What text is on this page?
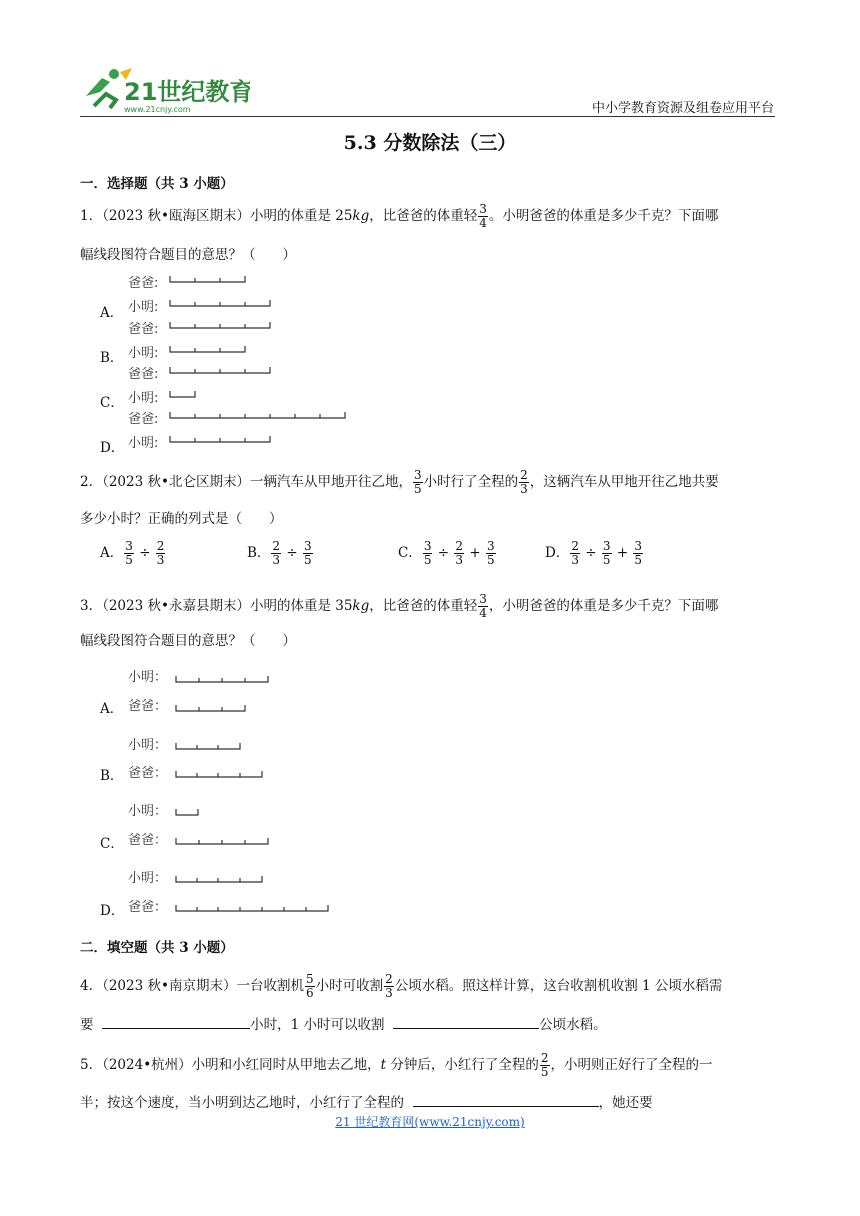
21世纪教育
www.21cnjy.com	中小学教育资源及组卷应用平台
5.3 分数除法（三）
一．选择题（共 3 小题）
1．（2023 秋•瓯海区期末）小明的体重是 25kg，比爸爸的体重轻 $\frac{3}{4}$ 。小明爸爸的体重是多少千克？下面哪
幅线段图符合题目的意思？（　　）
A．
B．
C．
D．
爸爸:
小明:
爸爸:
小明:
爸爸:
小明:
爸爸:
小明:
2．（2023 秋•北仑区期末）一辆汽车从甲地开往乙地， $\frac{3}{5}$ 小时行了全程的 $\frac{2}{3}$ ，这辆汽车从甲地开往乙地共要
多少小时？正确的列式是（　　）
A． $\frac{3}{5} \div \frac{2}{3}$	B． $\frac{2}{3} \div \frac{3}{5}$	C． $\frac{3}{5} \div \frac{2}{3} + \frac{3}{5}$	D． $\frac{2}{3} \div \frac{3}{5} + \frac{3}{5}$
3．（2023 秋•永嘉县期末）小明的体重是 35kg，比爸爸的体重轻 $\frac{3}{4}$ ，小明爸爸的体重是多少千克？下面哪
幅线段图符合题目的意思？（　　）
A．
B．
C．
D．
小明：
爸爸：
小明：
爸爸：
小明：
爸爸：
小明：
爸爸：
二．填空题（共 3 小题）
4．（2023 秋•南京期末）一台收割机 $\frac{5}{6}$ 小时可收割 $\frac{2}{3}$ 公顷水稻。照这样计算，这台收割机收割 1 公顷水稻需
要	小时，1 小时可以收割	公顷水稻。
5．（2024•杭州）小明和小红同时从甲地去乙地，t 分钟后，小红行了全程的 $\frac{2}{5}$ ，小明则正好行了全程的一
半；按这个速度，当小明到达乙地时，小红行了全程的	，她还要
21 世纪教育网(www.21cnjy.com)
